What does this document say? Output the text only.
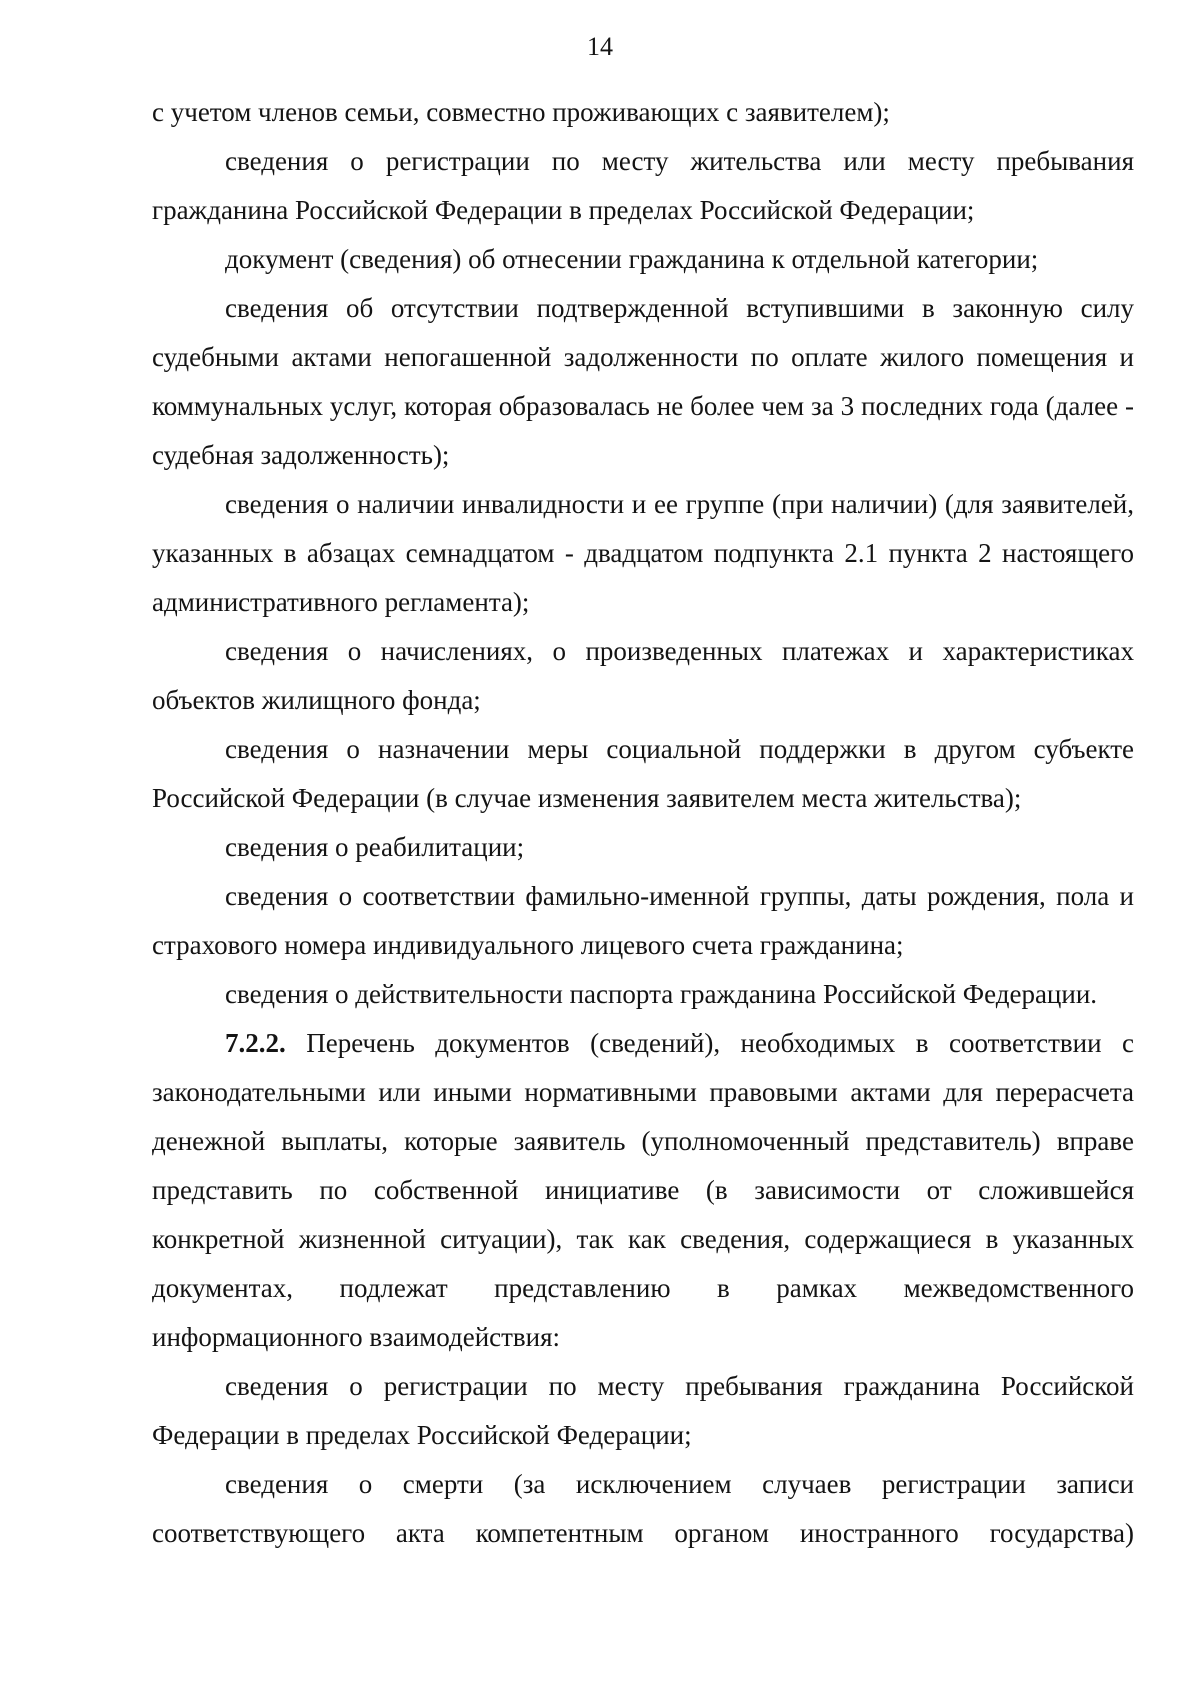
14

с учетом членов семьи, совместно проживающих с заявителем);

сведения о регистрации по месту жительства или месту пребывания гражданина Российской Федерации в пределах Российской Федерации;

документ (сведения) об отнесении гражданина к отдельной категории;

сведения об отсутствии подтвержденной вступившими в законную силу судебными актами непогашенной задолженности по оплате жилого помещения и коммунальных услуг, которая образовалась не более чем за 3 последних года (далее - судебная задолженность);

сведения о наличии инвалидности и ее группе (при наличии) (для заявителей, указанных в абзацах семнадцатом - двадцатом подпункта 2.1 пункта 2 настоящего административного регламента);

сведения о начислениях, о произведенных платежах и характеристиках объектов жилищного фонда;

сведения о назначении меры социальной поддержки в другом субъекте Российской Федерации (в случае изменения заявителем места жительства);

сведения о реабилитации;

сведения о соответствии фамильно-именной группы, даты рождения, пола и страхового номера индивидуального лицевого счета гражданина;

сведения о действительности паспорта гражданина Российской Федерации.

7.2.2. Перечень документов (сведений), необходимых в соответствии с законодательными или иными нормативными правовыми актами для перерасчета денежной выплаты, которые заявитель (уполномоченный представитель) вправе представить по собственной инициативе (в зависимости от сложившейся конкретной жизненной ситуации), так как сведения, содержащиеся в указанных документах, подлежат представлению в рамках межведомственного информационного взаимодействия:

сведения о регистрации по месту пребывания гражданина Российской Федерации в пределах Российской Федерации;

сведения о смерти (за исключением случаев регистрации записи соответствующего акта компетентным органом иностранного государства)
